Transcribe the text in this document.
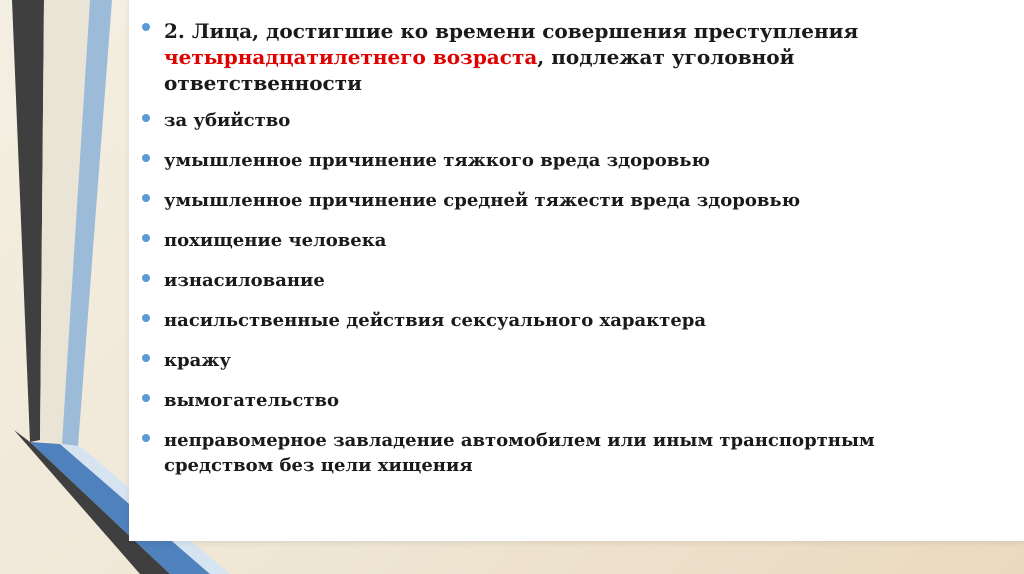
2. Лица, достигшие ко времени совершения преступления четырнадцатилетнего возраста, подлежат уголовной ответственности
за убийство
умышленное причинение тяжкого вреда здоровью
умышленное причинение средней тяжести вреда здоровью
похищение человека
изнасилование
насильственные действия сексуального характера
кражу
вымогательство
неправомерное завладение автомобилем или иным транспортным средством без цели хищения
